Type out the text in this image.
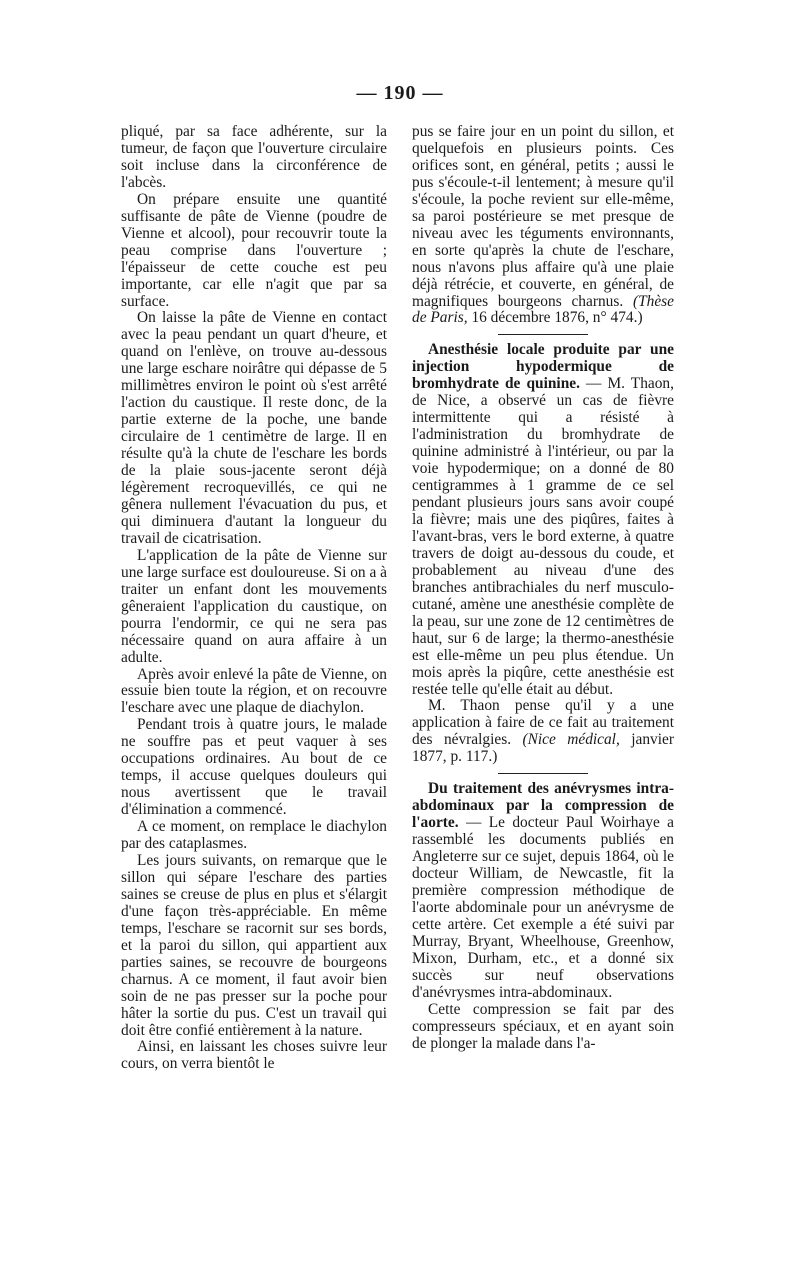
— 190 —

pliqué, par sa face adhérente, sur la tumeur, de façon que l'ouverture circulaire soit incluse dans la circonférence de l'abcès.

On prépare ensuite une quantité suffisante de pâte de Vienne (poudre de Vienne et alcool), pour recouvrir toute la peau comprise dans l'ouverture ; l'épaisseur de cette couche est peu importante, car elle n'agit que par sa surface.

On laisse la pâte de Vienne en contact avec la peau pendant un quart d'heure, et quand on l'enlève, on trouve au-dessous une large eschare noirâtre qui dépasse de 5 millimètres environ le point où s'est arrêté l'action du caustique. Il reste donc, de la partie externe de la poche, une bande circulaire de 1 centimètre de large. Il en résulte qu'à la chute de l'eschare les bords de la plaie sous-jacente seront déjà légèrement recroquevillés, ce qui ne gênera nullement l'évacuation du pus, et qui diminuera d'autant la longueur du travail de cicatrisation.

L'application de la pâte de Vienne sur une large surface est douloureuse. Si on a à traiter un enfant dont les mouvements gêneraient l'application du caustique, on pourra l'endormir, ce qui ne sera pas nécessaire quand on aura affaire à un adulte.

Après avoir enlevé la pâte de Vienne, on essuie bien toute la région, et on recouvre l'eschare avec une plaque de diachylon.

Pendant trois à quatre jours, le malade ne souffre pas et peut vaquer à ses occupations ordinaires. Au bout de ce temps, il accuse quelques douleurs qui nous avertissent que le travail d'élimination a commencé.

A ce moment, on remplace le diachylon par des cataplasmes.

Les jours suivants, on remarque que le sillon qui sépare l'eschare des parties saines se creuse de plus en plus et s'élargit d'une façon très-appréciable. En même temps, l'eschare se racornit sur ses bords, et la paroi du sillon, qui appartient aux parties saines, se recouvre de bourgeons charnus. A ce moment, il faut avoir bien soin de ne pas presser sur la poche pour hâter la sortie du pus. C'est un travail qui doit être confié entièrement à la nature.

Ainsi, en laissant les choses suivre leur cours, on verra bientôt le

pus se faire jour en un point du sillon, et quelquefois en plusieurs points. Ces orifices sont, en général, petits ; aussi le pus s'écoule-t-il lentement; à mesure qu'il s'écoule, la poche revient sur elle-même, sa paroi postérieure se met presque de niveau avec les téguments environnants, en sorte qu'après la chute de l'eschare, nous n'avons plus affaire qu'à une plaie déjà rétrécie, et couverte, en général, de magnifiques bourgeons charnus. (Thèse de Paris, 16 décembre 1876, n° 474.)

Anesthésie locale produite par une injection hypodermique de bromhydrate de quinine. — M. Thaon, de Nice, a observé un cas de fièvre intermittente qui a résisté à l'administration du bromhydrate de quinine administré à l'intérieur, ou par la voie hypodermique; on a donné de 80 centigrammes à 1 gramme de ce sel pendant plusieurs jours sans avoir coupé la fièvre; mais une des piqûres, faites à l'avant-bras, vers le bord externe, à quatre travers de doigt au-dessous du coude, et probablement au niveau d'une des branches antibrachiales du nerf musculo-cutané, amène une anesthésie complète de la peau, sur une zone de 12 centimètres de haut, sur 6 de large; la thermo-anesthésie est elle-même un peu plus étendue. Un mois après la piqûre, cette anesthésie est restée telle qu'elle était au début.

M. Thaon pense qu'il y a une application à faire de ce fait au traitement des névralgies. (Nice médical, janvier 1877, p. 117.)

Du traitement des anévrysmes intra-abdominaux par la compression de l'aorte. — Le docteur Paul Woirhaye a rassemblé les documents publiés en Angleterre sur ce sujet, depuis 1864, où le docteur William, de Newcastle, fit la première compression méthodique de l'aorte abdominale pour un anévrysme de cette artère. Cet exemple a été suivi par Murray, Bryant, Wheelhouse, Greenhow, Mixon, Durham, etc., et a donné six succès sur neuf observations d'anévrysmes intra-abdominaux.

Cette compression se fait par des compresseurs spéciaux, et en ayant soin de plonger la malade dans l'a-
